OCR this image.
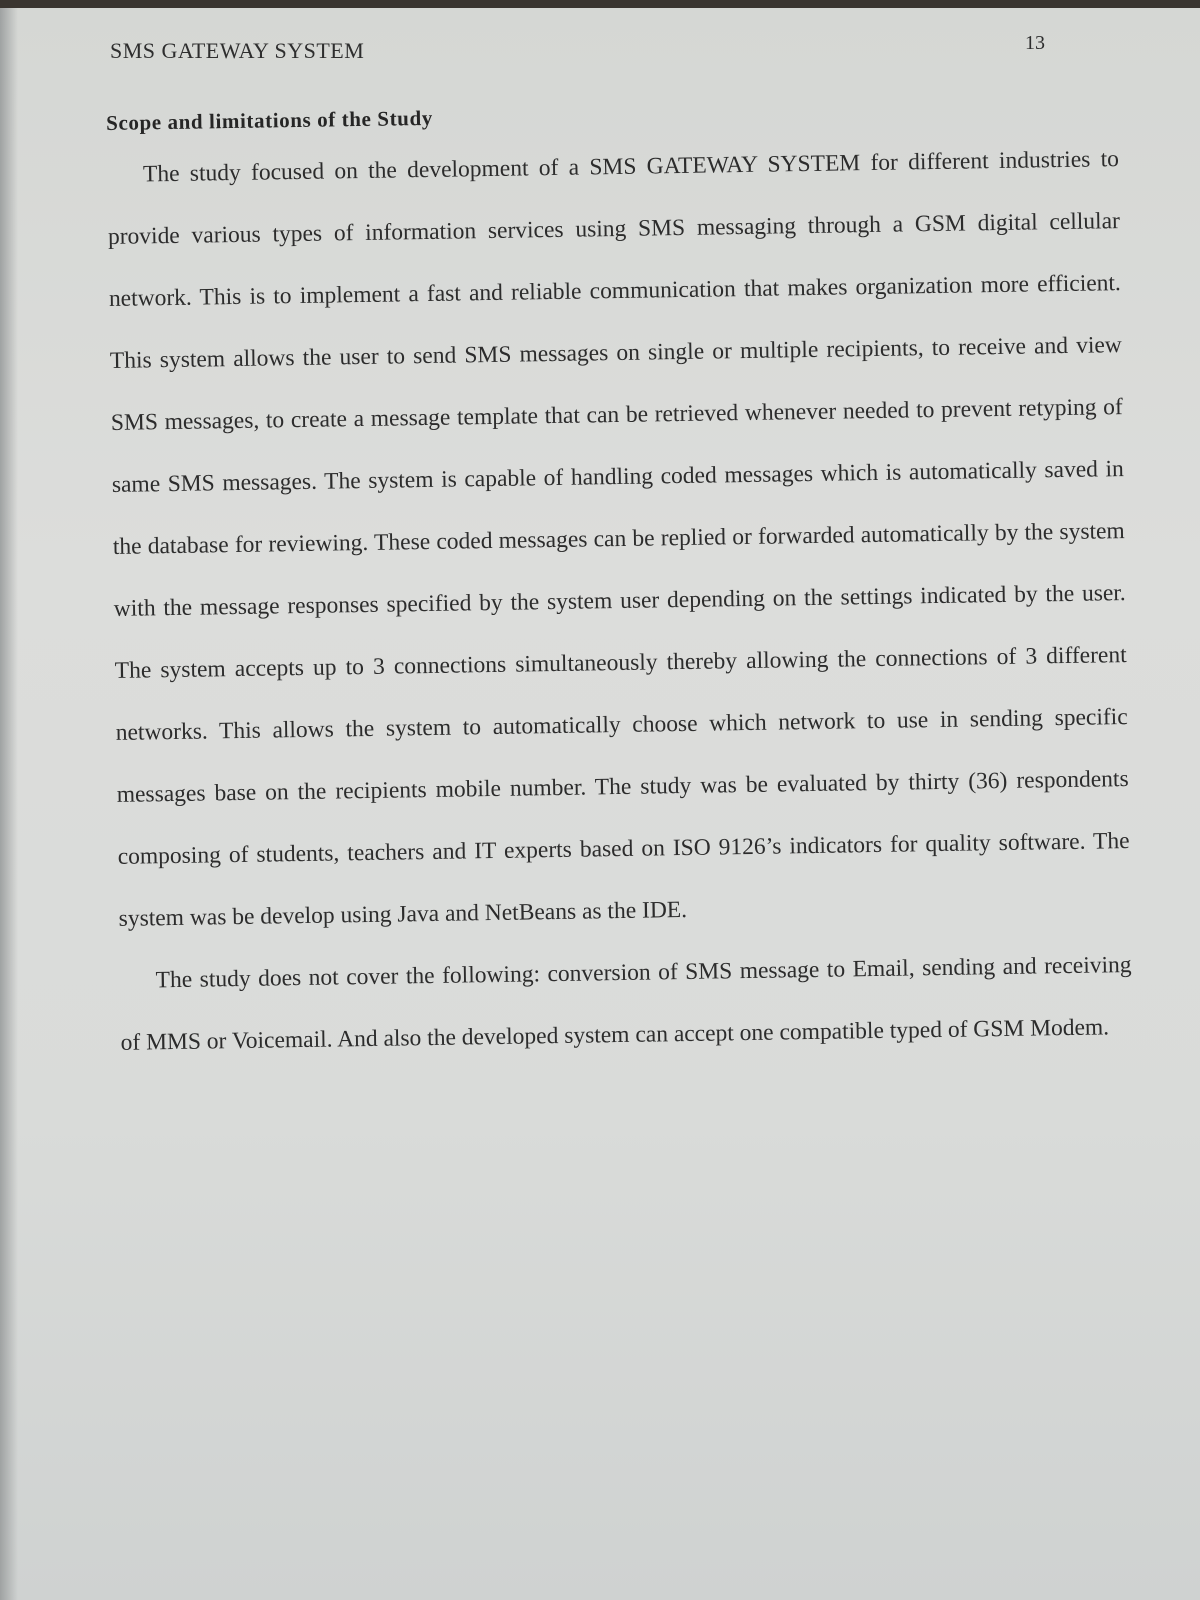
SMS GATEWAY SYSTEM	13
Scope and limitations of the Study

The study focused on the development of a SMS GATEWAY SYSTEM for different industries to provide various types of information services using SMS messaging through a GSM digital cellular network. This is to implement a fast and reliable communication that makes organization more efficient. This system allows the user to send SMS messages on single or multiple recipients, to receive and view SMS messages, to create a message template that can be retrieved whenever needed to prevent retyping of same SMS messages. The system is capable of handling coded messages which is automatically saved in the database for reviewing. These coded messages can be replied or forwarded automatically by the system with the message responses specified by the system user depending on the settings indicated by the user. The system accepts up to 3 connections simultaneously thereby allowing the connections of 3 different networks. This allows the system to automatically choose which network to use in sending specific messages base on the recipients mobile number. The study was be evaluated by thirty (36) respondents composing of students, teachers and IT experts based on ISO 9126’s indicators for quality software. The system was be develop using Java and NetBeans as the IDE.

The study does not cover the following: conversion of SMS message to Email, sending and receiving of MMS or Voicemail. And also the developed system can accept one compatible typed of GSM Modem.
